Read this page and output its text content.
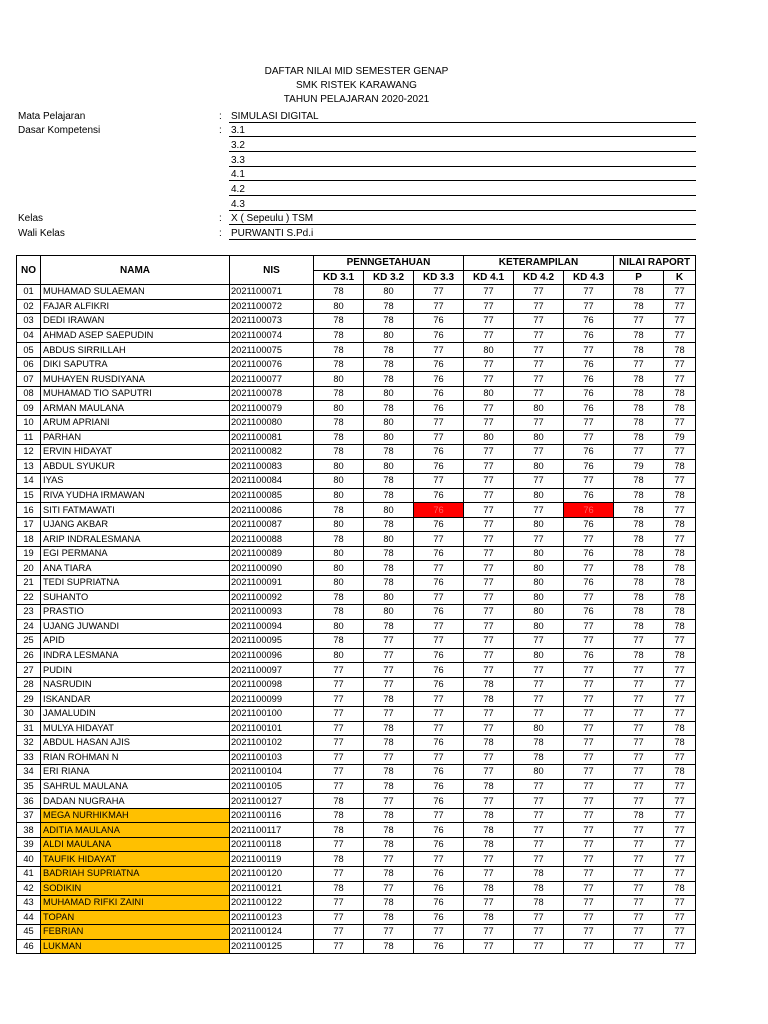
DAFTAR NILAI MID SEMESTER GENAP
SMK RISTEK KARAWANG
TAHUN PELAJARAN 2020-2021
Mata Pelajaran	: SIMULASI DIGITAL
Dasar Kompetensi	: 3.1
3.2
3.3
4.1
4.2
4.3
Kelas	: X ( Sepeulu ) TSM
Wali Kelas	: PURWANTI S.Pd.i
NO	NAMA	NIS	PENNGETAHUAN			KETERAMPILAN			NILAI RAPORT	
			KD 3.1	KD 3.2	KD 3.3	KD 4.1	KD 4.2	KD 4.3	P	K
01	MUHAMAD SULAEMAN	2021100071	78	80	77	77	77	77	78	77
02	FAJAR ALFIKRI	2021100072	80	78	77	77	77	77	78	77
03	DEDI IRAWAN	2021100073	78	78	76	77	77	76	77	77
04	AHMAD ASEP SAEPUDIN	2021100074	78	80	76	77	77	76	78	77
05	ABDUS SIRRILLAH	2021100075	78	78	77	80	77	77	78	78
06	DIKI SAPUTRA	2021100076	78	78	76	77	77	76	77	77
07	MUHAYEN RUSDIYANA	2021100077	80	78	76	77	77	76	78	77
08	MUHAMAD TIO SAPUTRI	2021100078	78	80	76	80	77	76	78	78
09	ARMAN MAULANA	2021100079	80	78	76	77	80	76	78	78
10	ARUM APRIANI	2021100080	78	80	77	77	77	77	78	77
11	PARHAN	2021100081	78	80	77	80	80	77	78	79
12	ERVIN HIDAYAT	2021100082	78	78	76	77	77	76	77	77
13	ABDUL SYUKUR	2021100083	80	80	76	77	80	76	79	78
14	IYAS	2021100084	80	78	77	77	77	77	78	77
15	RIVA YUDHA IRMAWAN	2021100085	80	78	76	77	80	76	78	78
16	SITI FATMAWATI	2021100086	78	80	76	77	77	76	78	77
17	UJANG AKBAR	2021100087	80	78	76	77	80	76	78	78
18	ARIP INDRALESMANA	2021100088	78	80	77	77	77	77	78	77
19	EGI PERMANA	2021100089	80	78	76	77	80	76	78	78
20	ANA TIARA	2021100090	80	78	77	77	80	77	78	78
21	TEDI SUPRIATNA	2021100091	80	78	76	77	80	76	78	78
22	SUHANTO	2021100092	78	80	77	77	80	77	78	78
23	PRASTIO	2021100093	78	80	76	77	80	76	78	78
24	UJANG JUWANDI	2021100094	80	78	77	77	80	77	78	78
25	APID	2021100095	78	77	77	77	77	77	77	77
26	INDRA LESMANA	2021100096	80	77	76	77	80	76	78	78
27	PUDIN	2021100097	77	77	76	77	77	77	77	77
28	NASRUDIN	2021100098	77	77	76	78	77	77	77	77
29	ISKANDAR	2021100099	77	78	77	78	77	77	77	77
30	JAMALUDIN	2021100100	77	77	77	77	77	77	77	77
31	MULYA HIDAYAT	2021100101	77	78	77	77	80	77	77	78
32	ABDUL HASAN AJIS	2021100102	77	78	76	78	78	77	77	78
33	RIAN ROHMAN N	2021100103	77	77	77	77	78	77	77	77
34	ERI RIANA	2021100104	77	78	76	77	80	77	77	78
35	SAHRUL MAULANA	2021100105	77	78	76	78	77	77	77	77
36	DADAN NUGRAHA	2021100127	78	77	76	77	77	77	77	77
37	MEGA NURHIKMAH	2021100116	78	78	77	78	77	77	78	77
38	ADITIA MAULANA	2021100117	78	78	76	78	77	77	77	77
39	ALDI MAULANA	2021100118	77	78	76	78	77	77	77	77
40	TAUFIK HIDAYAT	2021100119	78	77	77	77	77	77	77	77
41	BADRIAH SUPRIATNA	2021100120	77	78	76	77	78	77	77	77
42	SODIKIN	2021100121	78	77	76	78	78	77	77	78
43	MUHAMAD RIFKI ZAINI	2021100122	77	78	76	77	78	77	77	77
44	TOPAN	2021100123	77	78	76	78	77	77	77	77
45	FEBRIAN	2021100124	77	77	77	77	77	77	77	77
46	LUKMAN	2021100125	77	78	76	77	77	77	77	77
